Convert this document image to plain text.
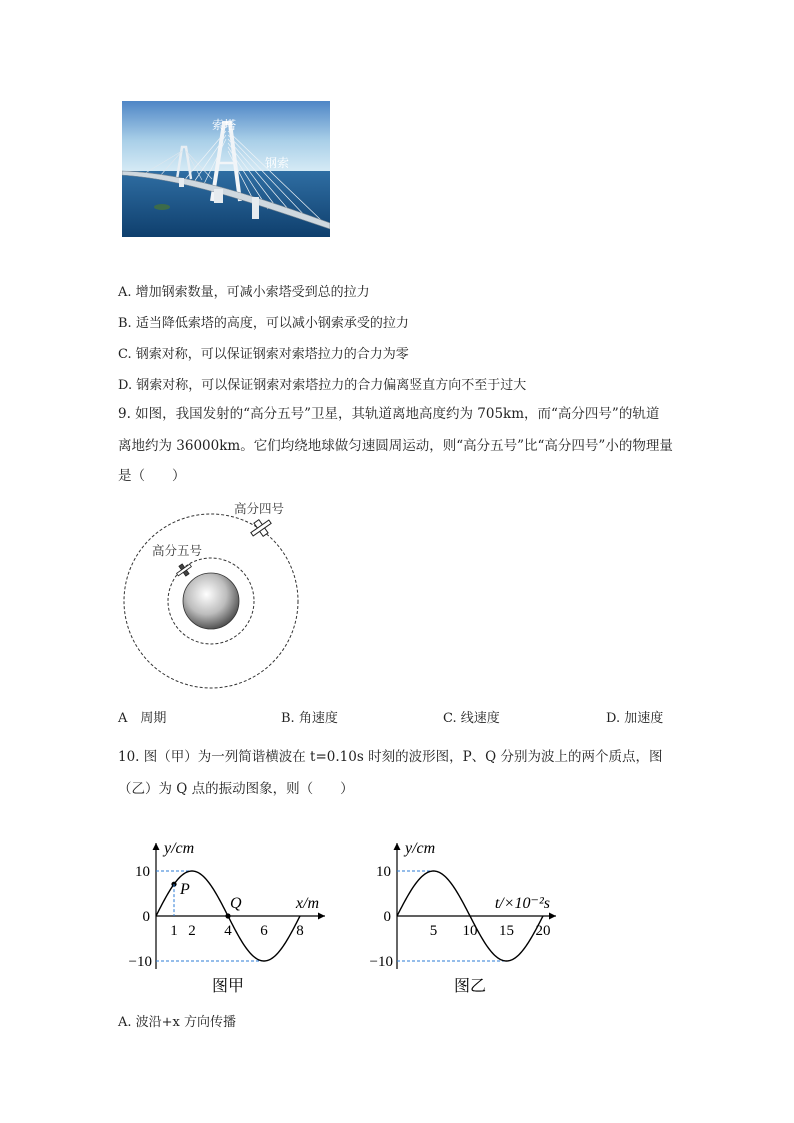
索塔
钢索
A. 增加钢索数量，可减小索塔受到总的拉力
B. 适当降低索塔的高度，可以减小钢索承受的拉力
C. 钢索对称，可以保证钢索对索塔拉力的合力为零
D. 钢索对称，可以保证钢索对索塔拉力的合力偏离竖直方向不至于过大
9. 如图，我国发射的“高分五号”卫星，其轨道离地高度约为 705km，而“高分四号”的轨道
离地约为 36000km。它们均绕地球做匀速圆周运动，则“高分五号”比“高分四号”小的物理量
是（　　）
高分四号
高分五号
A　周期	B. 角速度	C. 线速度	D. 加速度
10. 图（甲）为一列简谐横波在 t=0.10s 时刻的波形图，P、Q 分别为波上的两个质点，图
（乙）为 Q 点的振动图象，则（　　）
10
0
−10
1 2 4 6 8
y/cm
x/m
图甲
P
Q
10
0
−10
5 10 15 20
y/cm
t/×10⁻²s
图乙
A. 波沿+x 方向传播
